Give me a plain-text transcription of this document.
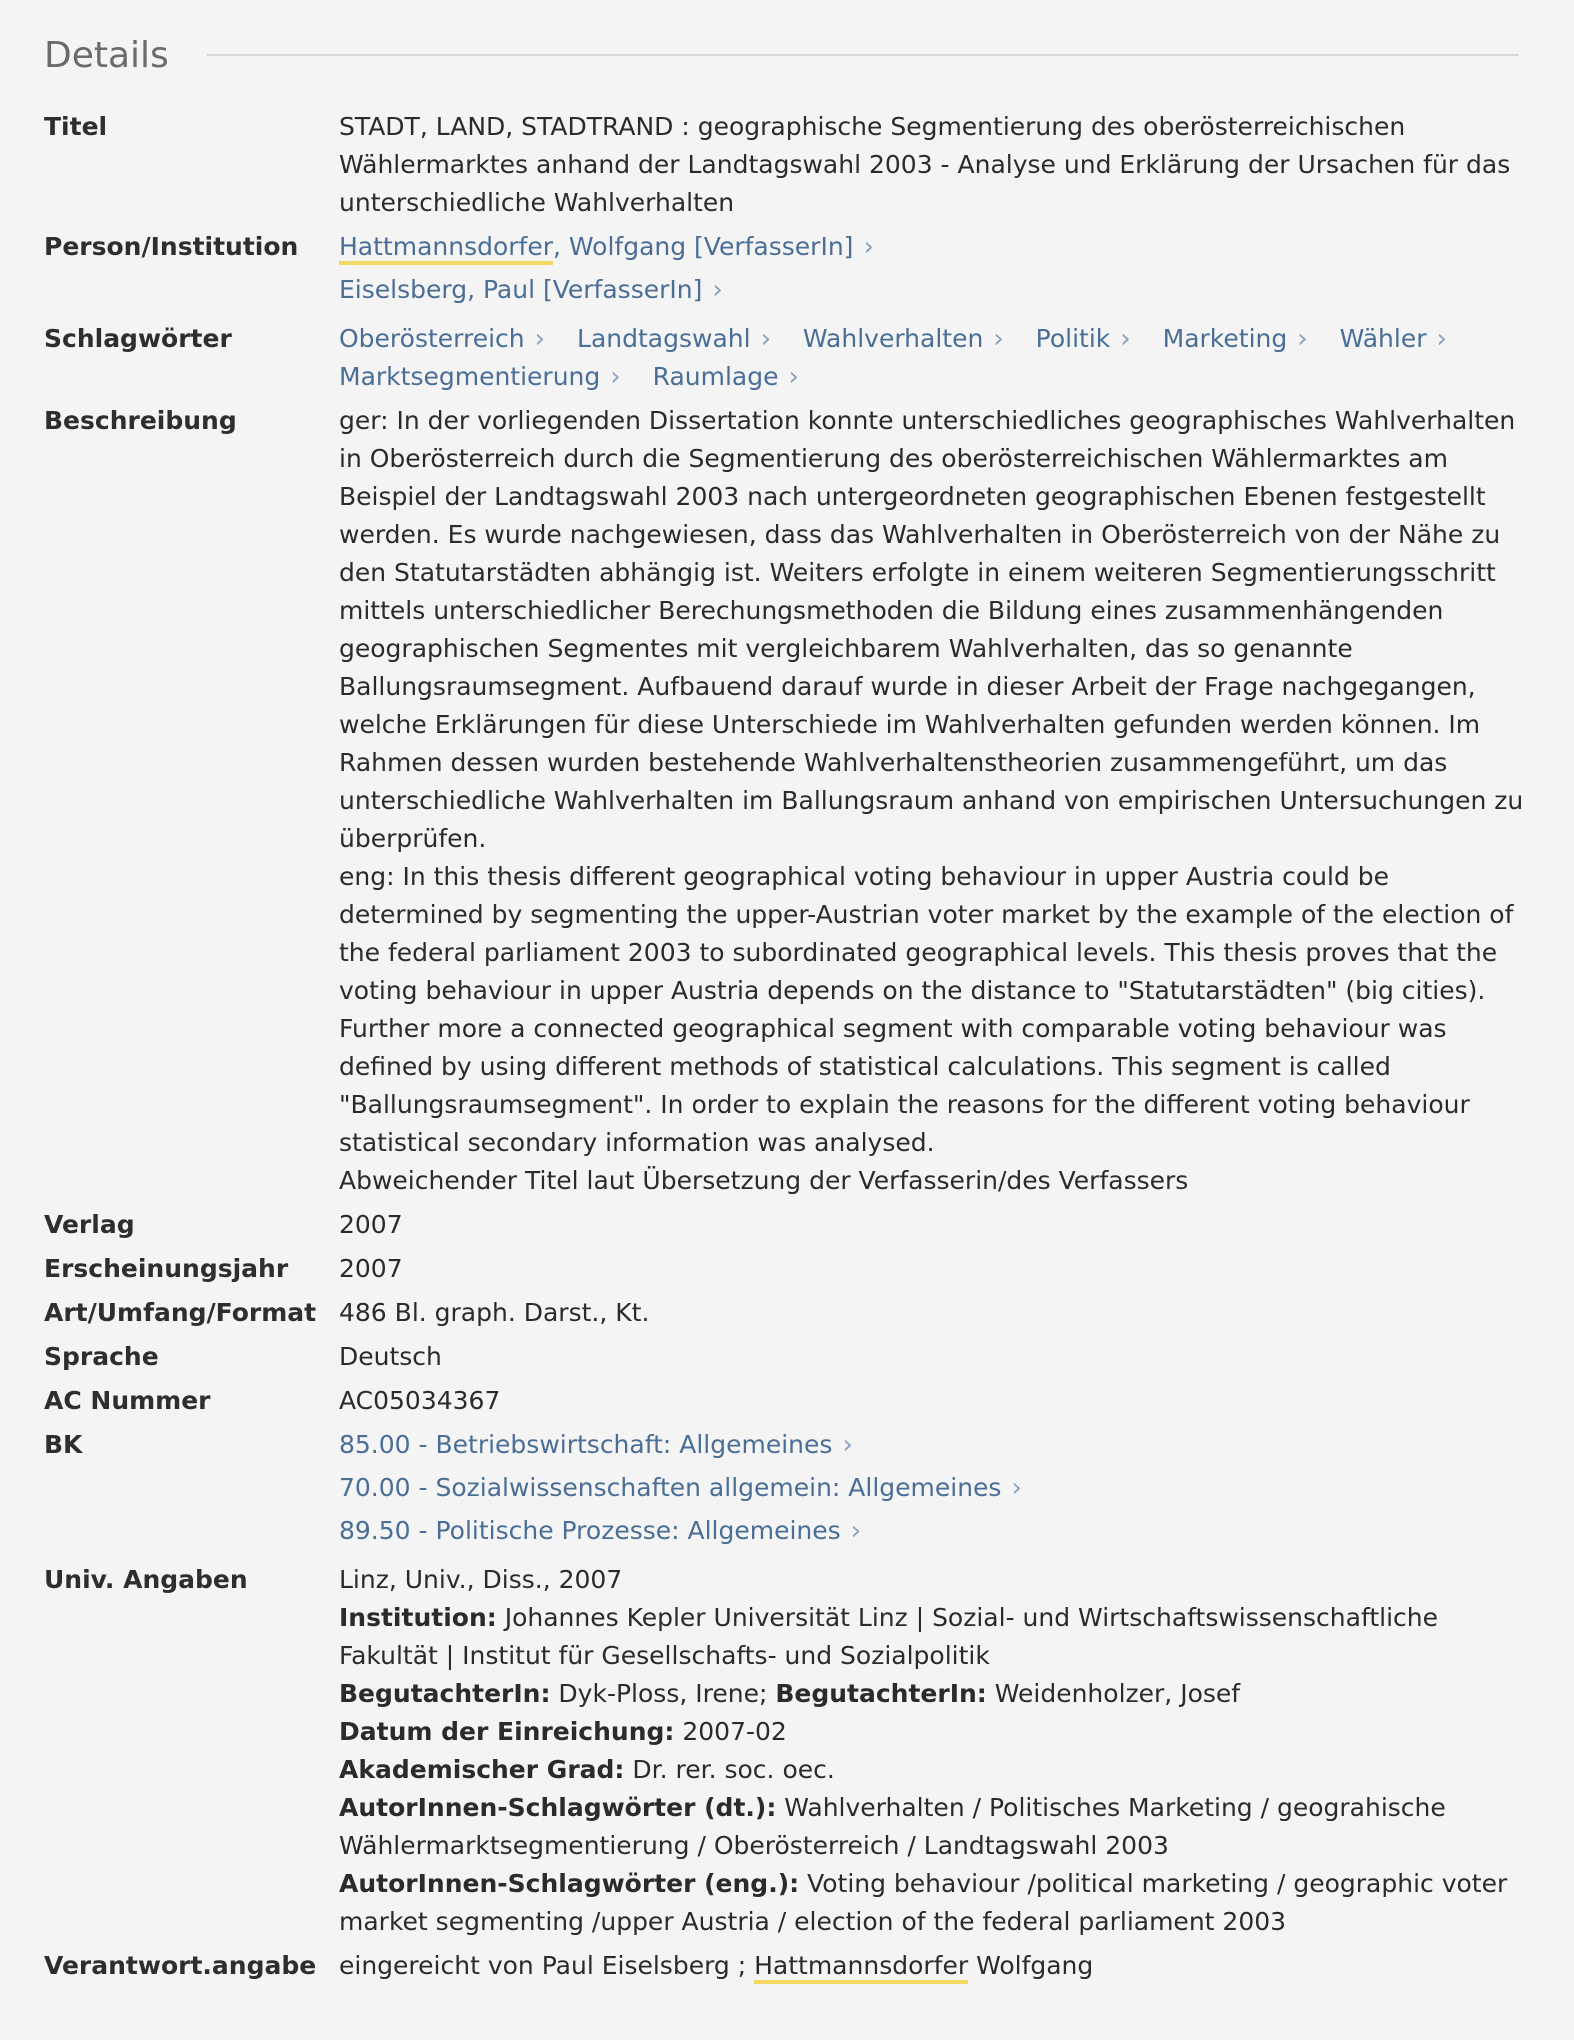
Details
Titel	STADT, LAND, STADTRAND : geographische Segmentierung des oberösterreichischen Wählermarktes anhand der Landtagswahl 2003 - Analyse und Erklärung der Ursachen für das unterschiedliche Wahlverhalten
Person/Institution	Hattmannsdorfer, Wolfgang [VerfasserIn] ›
Eiselsberg, Paul [VerfasserIn] ›
Schlagwörter	Oberösterreich › Landtagswahl › Wahlverhalten › Politik › Marketing › Wähler › Marktsegmentierung › Raumlage ›
Beschreibung	ger: In der vorliegenden Dissertation konnte unterschiedliches geographisches Wahlverhalten in Oberösterreich durch die Segmentierung des oberösterreichischen Wählermarktes am Beispiel der Landtagswahl 2003 nach untergeordneten geographischen Ebenen festgestellt werden. Es wurde nachgewiesen, dass das Wahlverhalten in Oberösterreich von der Nähe zu den Statutarstädten abhängig ist. Weiters erfolgte in einem weiteren Segmentierungsschritt mittels unterschiedlicher Berechungsmethoden die Bildung eines zusammenhängenden geographischen Segmentes mit vergleichbarem Wahlverhalten, das so genannte Ballungsraumsegment. Aufbauend darauf wurde in dieser Arbeit der Frage nachgegangen, welche Erklärungen für diese Unterschiede im Wahlverhalten gefunden werden können. Im Rahmen dessen wurden bestehende Wahlverhaltenstheorien zusammengeführt, um das unterschiedliche Wahlverhalten im Ballungsraum anhand von empirischen Untersuchungen zu überprüfen.
eng: In this thesis different geographical voting behaviour in upper Austria could be determined by segmenting the upper-Austrian voter market by the example of the election of the federal parliament 2003 to subordinated geographical levels. This thesis proves that the voting behaviour in upper Austria depends on the distance to "Statutarstädten" (big cities). Further more a connected geographical segment with comparable voting behaviour was defined by using different methods of statistical calculations. This segment is called "Ballungsraumsegment". In order to explain the reasons for the different voting behaviour statistical secondary information was analysed.
Abweichender Titel laut Übersetzung der Verfasserin/des Verfassers
Verlag	2007
Erscheinungsjahr	2007
Art/Umfang/Format 486 Bl. graph. Darst., Kt.
Sprache	Deutsch
AC Nummer	AC05034367
BK	85.00 - Betriebswirtschaft: Allgemeines ›
70.00 - Sozialwissenschaften allgemein: Allgemeines ›
89.50 - Politische Prozesse: Allgemeines ›
Univ. Angaben	Linz, Univ., Diss., 2007
Institution: Johannes Kepler Universität Linz | Sozial- und Wirtschaftswissenschaftliche Fakultät | Institut für Gesellschafts- und Sozialpolitik
BegutachterIn: Dyk-Ploss, Irene; BegutachterIn: Weidenholzer, Josef
Datum der Einreichung: 2007-02
Akademischer Grad: Dr. rer. soc. oec.
AutorInnen-Schlagwörter (dt.): Wahlverhalten / Politisches Marketing / geograhische Wählermarktsegmentierung / Oberösterreich / Landtagswahl 2003
AutorInnen-Schlagwörter (eng.): Voting behaviour /political marketing / geographic voter market segmenting /upper Austria / election of the federal parliament 2003
Verantwort.angabe eingereicht von Paul Eiselsberg ; Hattmannsdorfer Wolfgang
